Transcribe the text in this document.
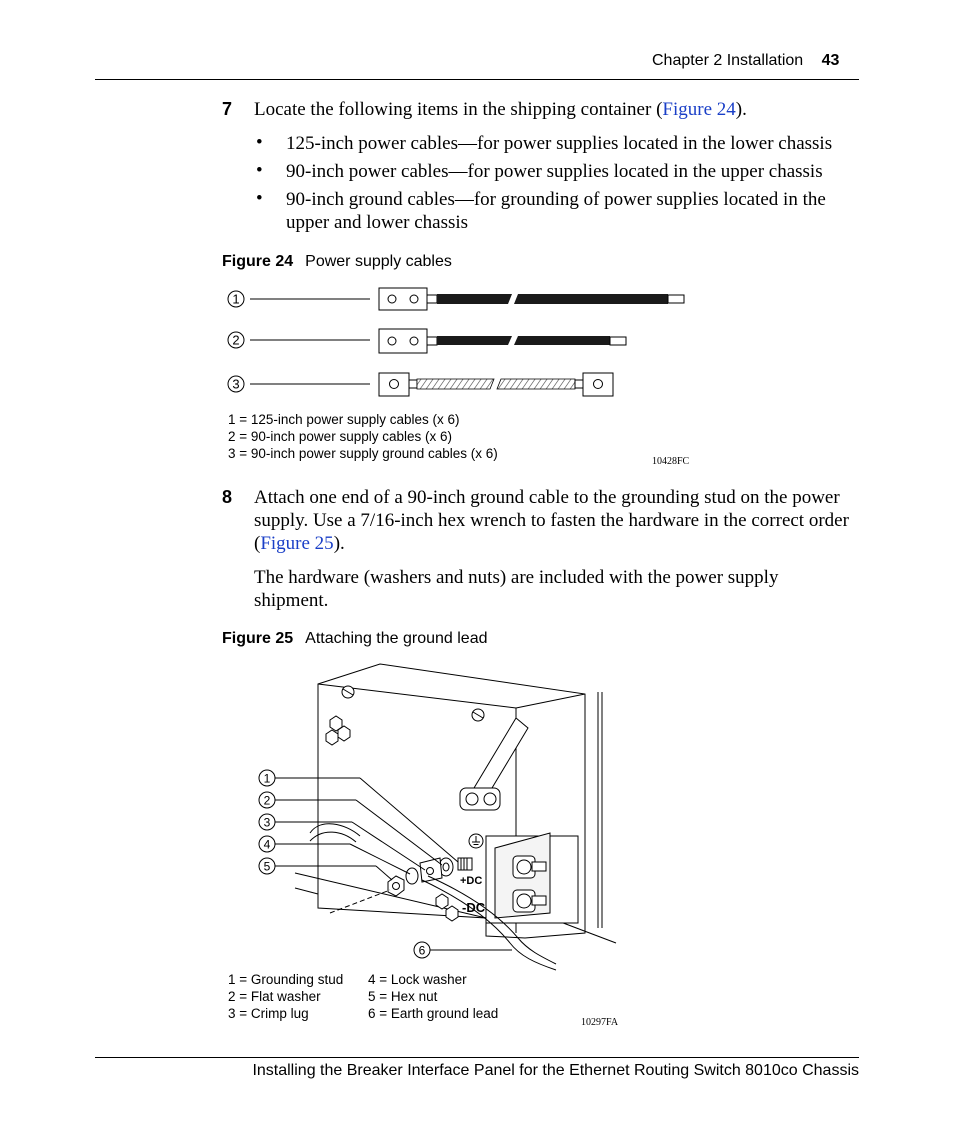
Chapter 2 Installation 43
7 Locate the following items in the shipping container (Figure 24).
• 125-inch power cables—for power supplies located in the lower chassis
• 90-inch power cables—for power supplies located in the upper chassis
• 90-inch ground cables—for grounding of power supplies located in the
upper and lower chassis
Figure 24 Power supply cables
1
2
3
1 = 125-inch power supply cables (x 6)
2 = 90-inch power supply cables (x 6)
3 = 90-inch power supply ground cables (x 6)
10428FC
8 Attach one end of a 90-inch ground cable to the grounding stud on the power
supply. Use a 7/16-inch hex wrench to fasten the hardware in the correct order
(Figure 25).
The hardware (washers and nuts) are included with the power supply
shipment.
Figure 25 Attaching the ground lead
1
2
3
4
5
6
+DC
-DC
1 = Grounding stud
2 = Flat washer
3 = Crimp lug
4 = Lock washer
5 = Hex nut
6 = Earth ground lead
10297FA
Installing the Breaker Interface Panel for the Ethernet Routing Switch 8010co Chassis
